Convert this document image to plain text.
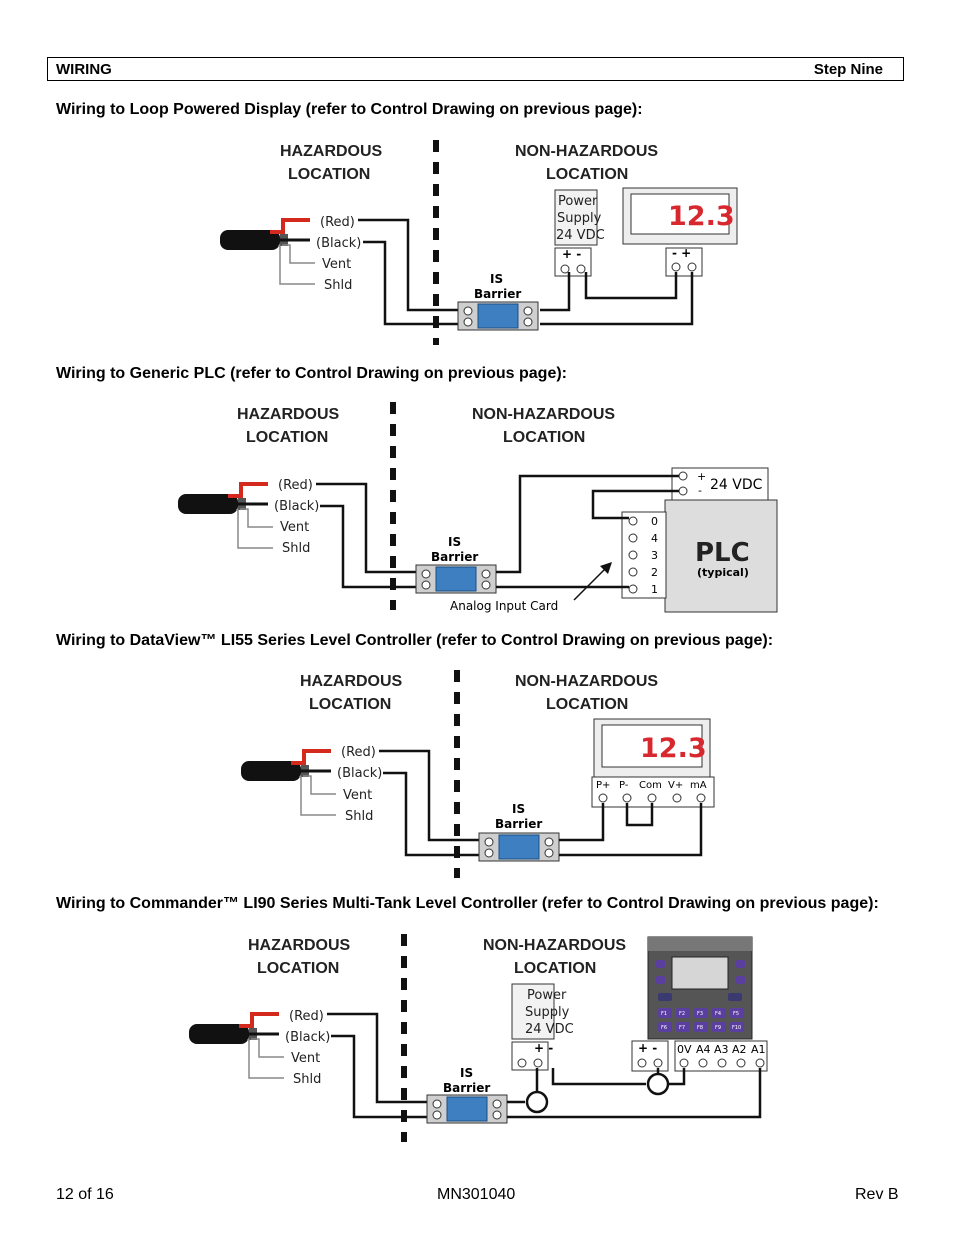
WIRING	Step Nine
Wiring to Loop Powered Display (refer to Control Drawing on previous page):
Wiring to Generic PLC (refer to Control Drawing on previous page):
Wiring to DataView™ LI55 Series Level Controller (refer to Control Drawing on previous page):
Wiring to Commander™ LI90 Series Multi-Tank Level Controller (refer to Control Drawing on previous page):
HAZARDOUS
LOCATION
NON-HAZARDOUS
LOCATION
(Red)
(Black)
Vent
Shld	IS
Barrier
Power
Supply
24 VDC
+ -
12.3
- +
HAZARDOUS
LOCATION
NON-HAZARDOUS
LOCATION
(Red)
(Black)
Vent
Shld	IS
Barrier
+
- 24 VDC
PLC
(typical)
0
4
3
2
1
Analog Input Card
HAZARDOUS
LOCATION
NON-HAZARDOUS
LOCATION
(Red)
(Black)
Vent
Shld	IS
Barrier
12.3
P+ P- Com V+ mA
HAZARDOUS
LOCATION
NON-HAZARDOUS
LOCATION
(Red)
(Black)
Vent
Shld	IS
Barrier
Power
Supply
24 VDC
+ -
F1 F2 F3 F4 F5
F6 F7 F8 F9 F10
+ - 0V A4 A3 A2 A1
12 of 16	MN301040	Rev B
